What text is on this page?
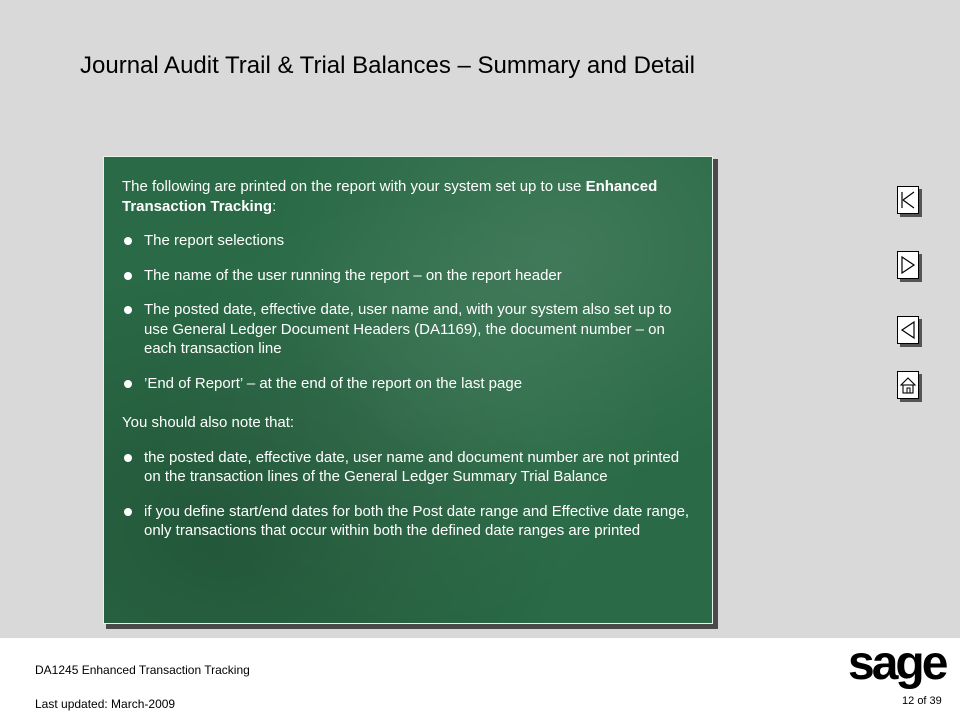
Journal Audit Trail & Trial Balances – Summary and Detail

The following are printed on the report with your system set up to use Enhanced Transaction Tracking:

The report selections
The name of the user running the report – on the report header
The posted date, effective date, user name and, with your system also set up to use General Ledger Document Headers (DA1169), the document number – on each transaction line
’End of Report’ – at the end of the report on the last page

You should also note that:

the posted date, effective date, user name and document number are not printed on the transaction lines of the General Ledger Summary Trial Balance
if you define start/end dates for both the Post date range and Effective date range, only transactions that occur within both the defined date ranges are printed
DA1245 Enhanced Transaction Tracking
Last updated: March-2009
sage
12 of 39
